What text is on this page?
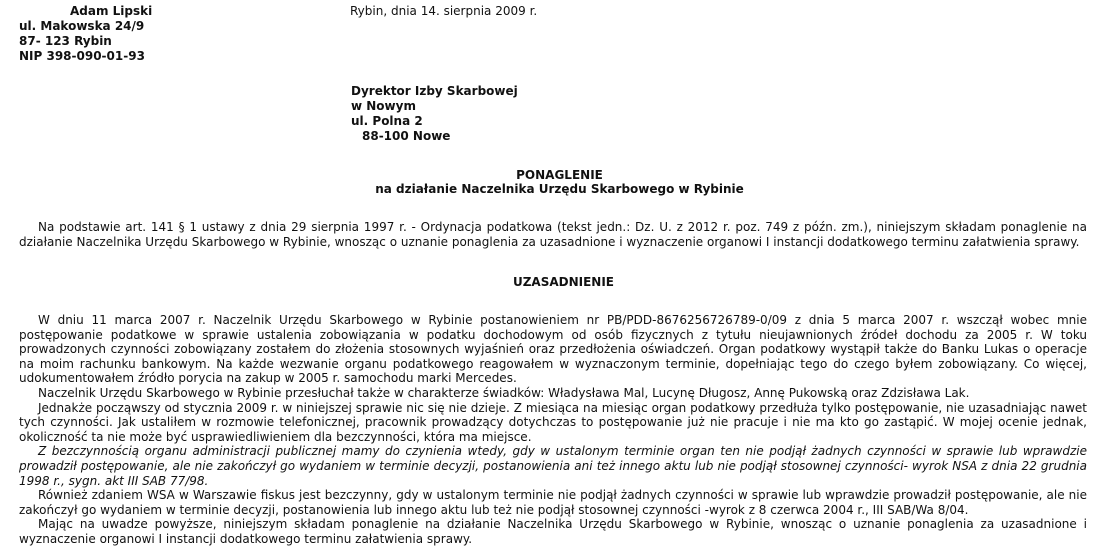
Adam Lipski
ul. Makowska 24/9
87- 123 Rybin
NIP 398-090-01-93
Rybin, dnia 14. sierpnia 2009 r.
Dyrektor Izby Skarbowej
w Nowym
ul. Polna 2
88-100 Nowe
PONAGLENIE
na działanie Naczelnika Urzędu Skarbowego w Rybinie

Na podstawie art. 141 § 1 ustawy z dnia 29 sierpnia 1997 r. - Ordynacja podatkowa (tekst jedn.: Dz. U. z 2012 r. poz. 749 z późn. zm.), niniejszym składam ponaglenie na działanie Naczelnika Urzędu Skarbowego w Rybinie, wnosząc o uznanie ponaglenia za uzasadnione i wyznaczenie organowi I instancji dodatkowego terminu załatwienia sprawy.

UZASADNIENIE

W dniu 11 marca 2007 r. Naczelnik Urzędu Skarbowego w Rybinie postanowieniem nr PB/PDD-8676256726789-0/09 z dnia 5 marca 2007 r. wszczął wobec mnie postępowanie podatkowe w sprawie ustalenia zobowiązania w podatku dochodowym od osób fizycznych z tytułu nieujawnionych źródeł dochodu za 2005 r. W toku prowadzonych czynności zobowiązany zostałem do złożenia stosownych wyjaśnień oraz przedłożenia oświadczeń. Organ podatkowy wystąpił także do Banku Lukas o operacje na moim rachunku bankowym. Na każde wezwanie organu podatkowego reagowałem w wyznaczonym terminie, dopełniając tego do czego byłem zobowiązany. Co więcej, udokumentowałem źródło porycia na zakup w 2005 r. samochodu marki Mercedes.

Naczelnik Urzędu Skarbowego w Rybinie przesłuchał także w charakterze świadków: Władysława Mal, Lucynę Długosz, Annę Pukowską oraz Zdzisława Lak.

Jednakże począwszy od stycznia 2009 r. w niniejszej sprawie nic się nie dzieje. Z miesiąca na miesiąc organ podatkowy przedłuża tylko postępowanie, nie uzasadniając nawet tych czynności. Jak ustaliłem w rozmowie telefonicznej, pracownik prowadzący dotychczas to postępowanie już nie pracuje i nie ma kto go zastąpić. W mojej ocenie jednak, okoliczność ta nie może być usprawiedliwieniem dla bezczynności, która ma miejsce.

Z bezczynnością organu administracji publicznej mamy do czynienia wtedy, gdy w ustalonym terminie organ ten nie podjął żadnych czynności w sprawie lub wprawdzie prowadził postępowanie, ale nie zakończył go wydaniem w terminie decyzji, postanowienia ani też innego aktu lub nie podjął stosownej czynności- wyrok NSA z dnia 22 grudnia 1998 r., sygn. akt III SAB 77/98.

Również zdaniem WSA w Warszawie fiskus jest bezczynny, gdy w ustalonym terminie nie podjął żadnych czynności w sprawie lub wprawdzie prowadził postępowanie, ale nie zakończył go wydaniem w terminie decyzji, postanowienia lub innego aktu lub też nie podjął stosownej czynności -wyrok z 8 czerwca 2004 r., III SAB/Wa 8/04.

Mając na uwadze powyższe, niniejszym składam ponaglenie na działanie Naczelnika Urzędu Skarbowego w Rybinie, wnosząc o uznanie ponaglenia za uzasadnione i wyznaczenie organowi I instancji dodatkowego terminu załatwienia sprawy.
